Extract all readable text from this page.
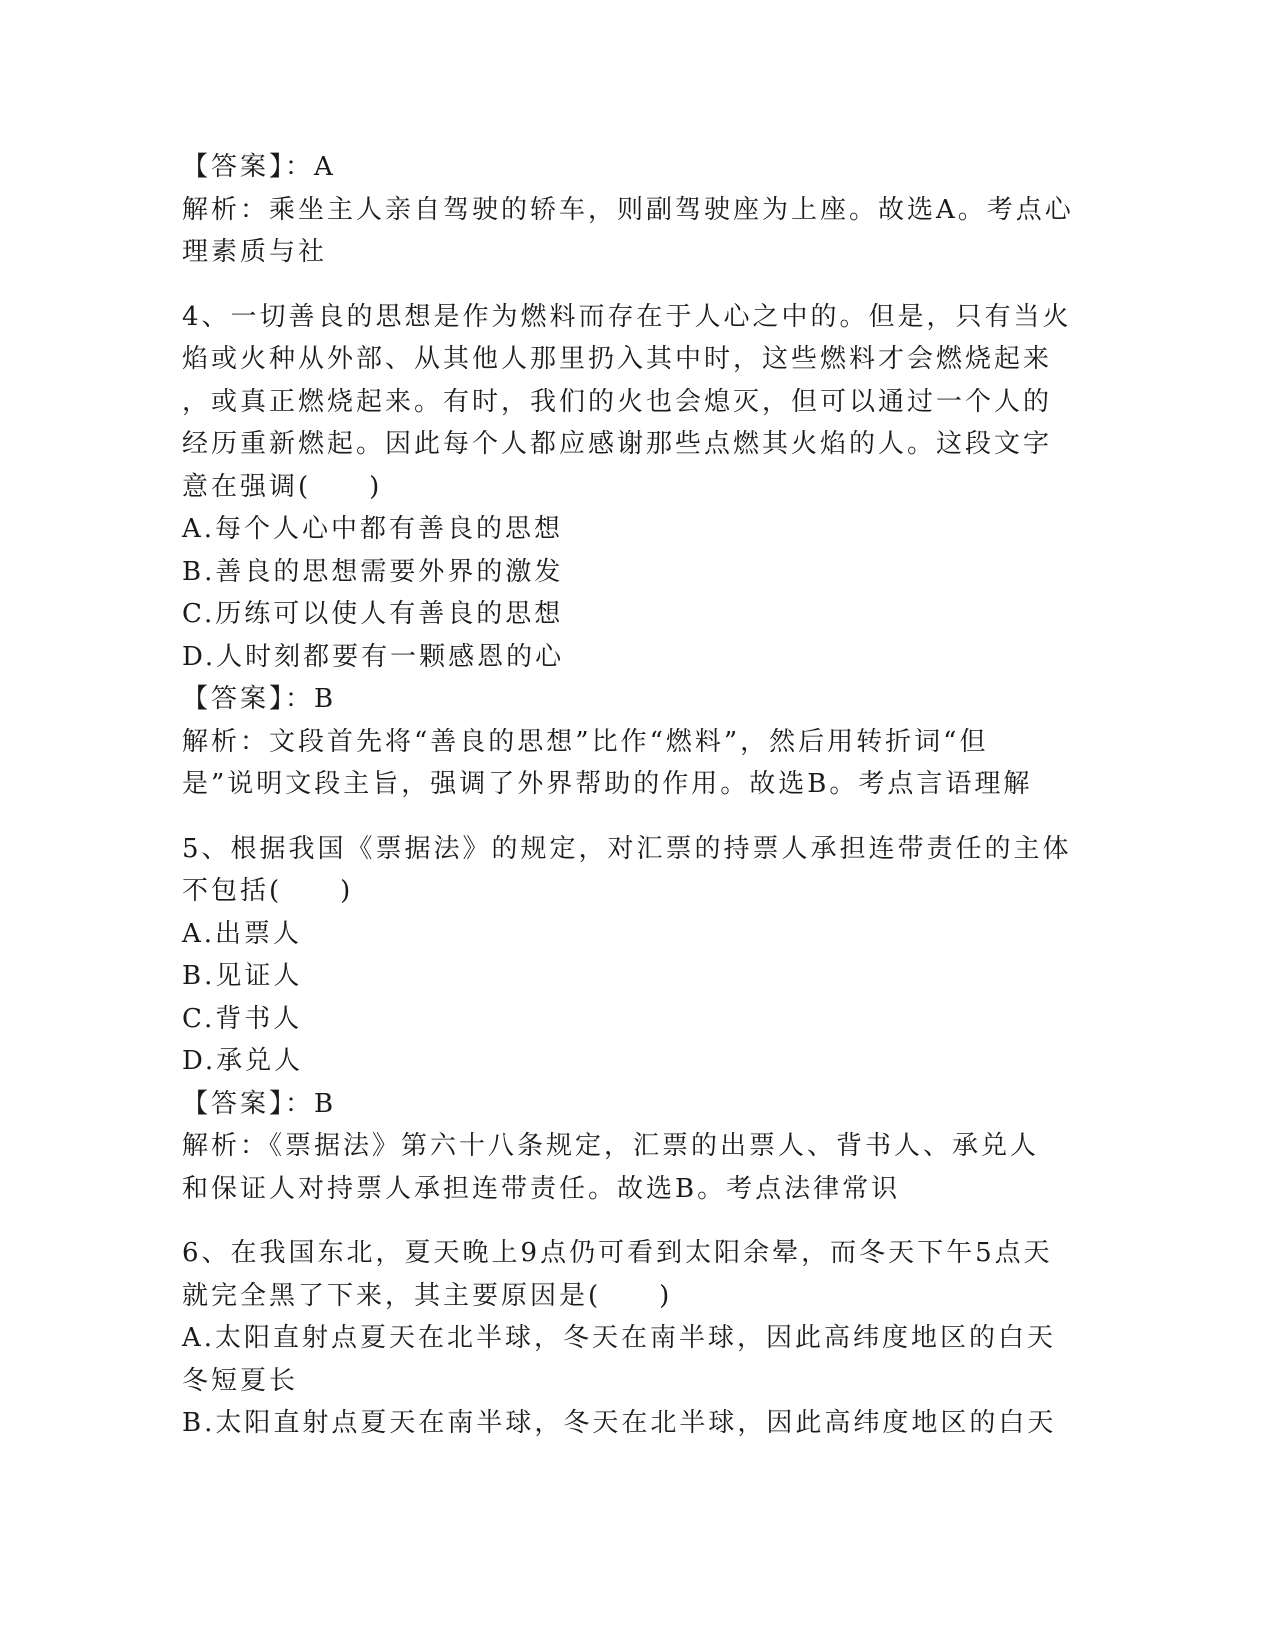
【答案】：A
解析：乘坐主人亲自驾驶的轿车，则副驾驶座为上座。故选A。考点心
理素质与社
4、一切善良的思想是作为燃料而存在于人心之中的。但是，只有当火
焰或火种从外部、从其他人那里扔入其中时，这些燃料才会燃烧起来
，或真正燃烧起来。有时，我们的火也会熄灭，但可以通过一个人的
经历重新燃起。因此每个人都应感谢那些点燃其火焰的人。这段文字
意在强调(　　)
A.每个人心中都有善良的思想
B.善良的思想需要外界的激发
C.历练可以使人有善良的思想
D.人时刻都要有一颗感恩的心
【答案】：B
解析：文段首先将“善良的思想”比作“燃料”，然后用转折词“但
是”说明文段主旨，强调了外界帮助的作用。故选B。考点言语理解
5、根据我国《票据法》的规定，对汇票的持票人承担连带责任的主体
不包括(　　)
A.出票人
B.见证人
C.背书人
D.承兑人
【答案】：B
解析：《票据法》第六十八条规定，汇票的出票人、背书人、承兑人
和保证人对持票人承担连带责任。故选B。考点法律常识
6、在我国东北，夏天晚上9点仍可看到太阳余晕，而冬天下午5点天
就完全黑了下来，其主要原因是(　　)
A.太阳直射点夏天在北半球，冬天在南半球，因此高纬度地区的白天
冬短夏长
B.太阳直射点夏天在南半球，冬天在北半球，因此高纬度地区的白天
